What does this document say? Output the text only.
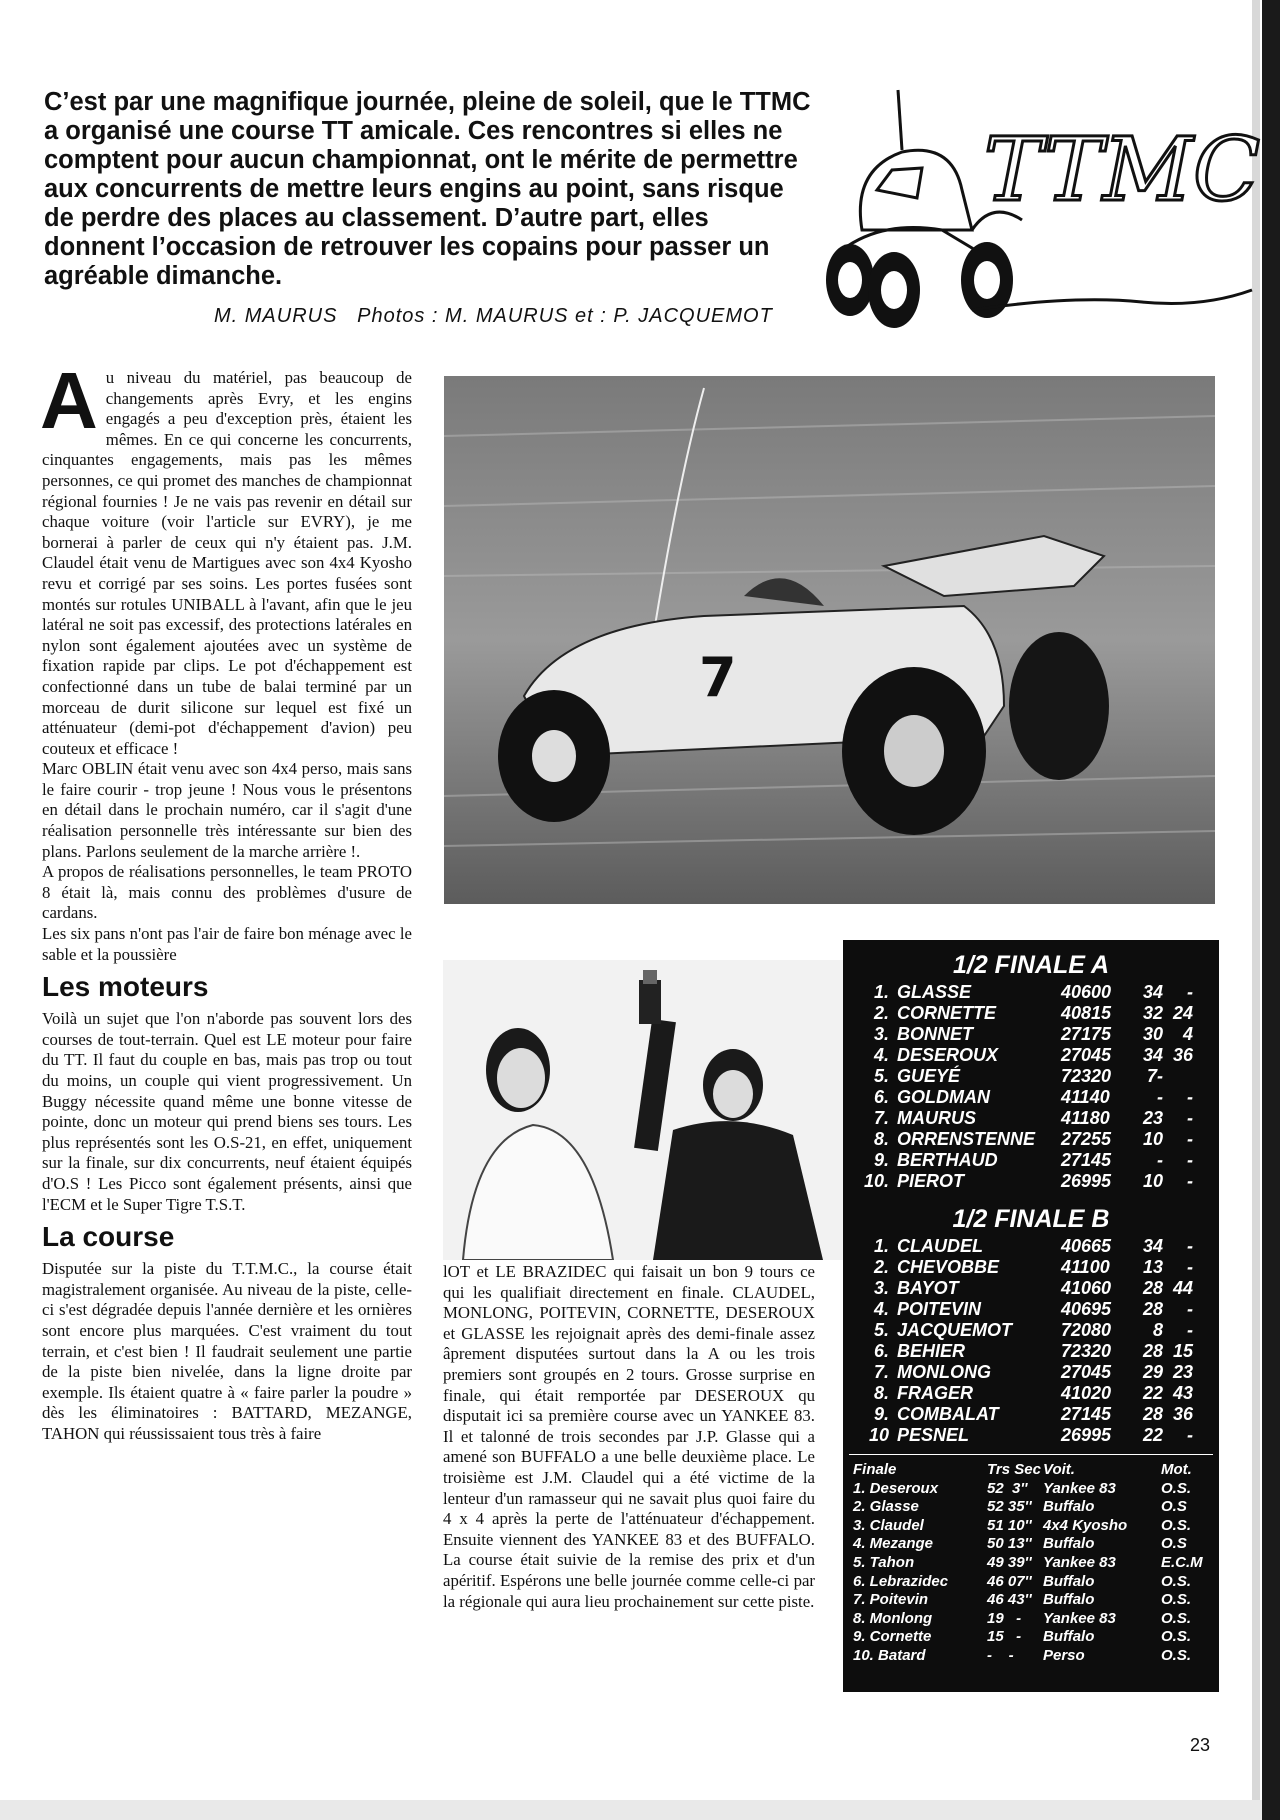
C’est par une magnifique journée, pleine de soleil, que le TTMC a organisé une course TT amicale. Ces rencontres si elles ne comptent pour aucun championnat, ont le mérite de permettre aux concurrents de mettre leurs engins au point, sans risque de perdre des places au classement. D’autre part, elles donnent l’occasion de retrouver les copains pour passer un agréable dimanche.

M. MAURUS   Photos : M. MAURUS et : P. JACQUEMOT

TTMC
A u niveau du matériel, pas beaucoup de changements après Evry, et les engins engagés a peu d'exception près, étaient les mêmes. En ce qui concerne les concurrents, cinquantes engagements, mais pas les mêmes personnes, ce qui promet des manches de championnat régional fournies ! Je ne vais pas revenir en détail sur chaque voiture (voir l'article sur EVRY), je me bornerai à parler de ceux qui n'y étaient pas. J.M. Claudel était venu de Martigues avec son 4x4 Kyosho revu et corrigé par ses soins. Les portes fusées sont montés sur rotules UNIBALL à l'avant, afin que le jeu latéral ne soit pas excessif, des protections latérales en nylon sont également ajoutées avec un système de fixation rapide par clips. Le pot d'échappement est confectionné dans un tube de balai terminé par un morceau de durit silicone sur lequel est fixé un atténuateur (demi-pot d'échappement d'avion) peu couteux et efficace !

Marc OBLIN était venu avec son 4x4 perso, mais sans le faire courir - trop jeune ! Nous vous le présentons en détail dans le prochain numéro, car il s'agit d'une réalisation personnelle très intéressante sur bien des plans. Parlons seulement de la marche arrière !.

A propos de réalisations personnelles, le team PROTO 8 était là, mais connu des problèmes d'usure de cardans.

Les six pans n'ont pas l'air de faire bon ménage avec le sable et la poussière

Les moteurs

Voilà un sujet que l'on n'aborde pas souvent lors des courses de tout-terrain. Quel est LE moteur pour faire du TT. Il faut du couple en bas, mais pas trop ou tout du moins, un couple qui vient progressivement. Un Buggy nécessite quand même une bonne vitesse de pointe, donc un moteur qui prend biens ses tours. Les plus représentés sont les O.S-21, en effet, uniquement sur la finale, sur dix concurrents, neuf étaient équipés d'O.S ! Les Picco sont également présents, ainsi que l'ECM et le Super Tigre T.S.T.

La course

Disputée sur la piste du T.T.M.C., la course était magistralement organisée. Au niveau de la piste, celle-ci s'est dégradée depuis l'année dernière et les ornières sont encore plus marquées. C'est vraiment du tout terrain, et c'est bien ! Il faudrait seulement une partie de la piste bien nivelée, dans la ligne droite par exemple. Ils étaient quatre à « faire parler la poudre » dès les éliminatoires : BATTARD, MEZANGE, TAHON qui réussissaient tous très à faire

7

lOT et LE BRAZIDEC qui faisait un bon 9 tours ce qui les qualifiait directement en finale. CLAUDEL, MONLONG, POITEVIN, CORNETTE, DESEROUX et GLASSE les rejoignait après des demi-finale assez âprement disputées surtout dans la A ou les trois premiers sont groupés en 2 tours. Grosse surprise en finale, qui était remportée par DESEROUX qu disputait ici sa première course avec un YANKEE 83. Il et talonné de trois secondes par J.P. Glasse qui a amené son BUFFALO a une belle deuxième place. Le troisième est J.M. Claudel qui a été victime de la lenteur d'un ramasseur qui ne savait plus quoi faire du 4 x 4 après la perte de l'atténuateur d'échappement. Ensuite viennent des YANKEE 83 et des BUFFALO. La course était suivie de la remise des prix et d'un apéritif. Espérons une belle journée comme celle-ci par la régionale qui aura lieu prochainement sur cette piste.

1/2 FINALE A
1. GLASSE	40600 34	-
2. CORNETTE	40815 32 24
3. BONNET	27175 30	4
4. DESEROUX	27045 34 36
5. GUEYÉ	72320	7-
6. GOLDMAN	41140	-	-
7. MAURUS	41180 23	-
8. ORRENSTENNE 27255 10	-
9. BERTHAUD	27145	-	-
10. PIEROT	26995 10	-
1/2 FINALE B
1. CLAUDEL	40665 34	-
2. CHEVOBBE	41100 13	-
3. BAYOT	41060 28 44
4. POITEVIN	40695 28	-
5. JACQUEMOT	72080	8	-
6. BEHIER	72320 28 15
7. MONLONG	27045 29 23
8. FRAGER	41020 22 43
9. COMBALAT	27145 28 36
10 PESNEL	26995 22	-
Finale	Trs Sec Voit.	Mot.
1. Deseroux	52  3'' Yankee 83	O.S.
2. Glasse	52 35'' Buffalo	O.S
3. Claudel	51 10'' 4x4 Kyosho O.S.
4. Mezange	50 13'' Buffalo	O.S
5. Tahon	49 39'' Yankee 83	E.C.M
6. Lebrazidec	46 07'' Buffalo	O.S.
7. Poitevin	46 43'' Buffalo	O.S.
8. Monlong	19   - Yankee 83	O.S.
9. Cornette	15   - Buffalo	O.S.
10. Batard	-    - Perso	O.S.
23
